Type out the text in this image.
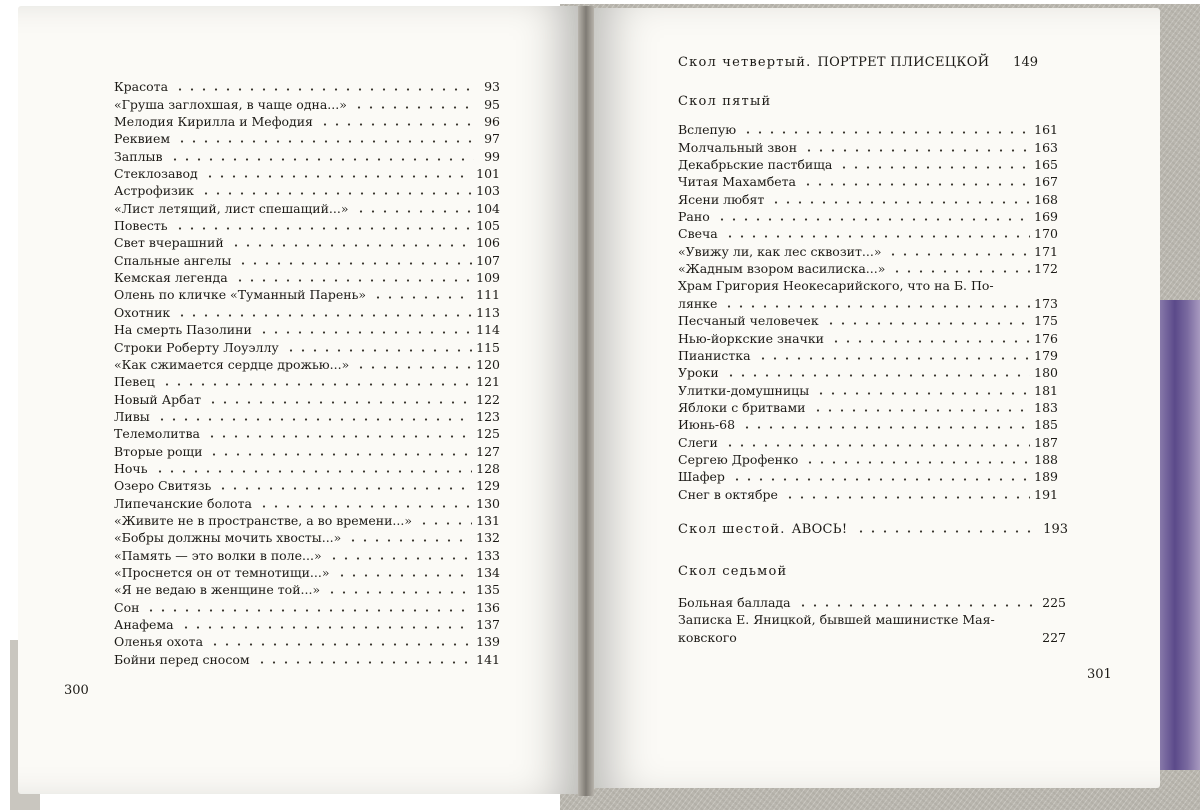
Красота	93
«Груша заглохшая, в чаще одна...»	95
Мелодия Кирилла и Мефодия	96
Реквием	97
Заплыв	99
Стеклозавод	101
Астрофизик	103
«Лист летящий, лист спешащий...»	104
Повесть	105
Свет вчерашний	106
Спальные ангелы	107
Кемская легенда	109
Олень по кличке «Туманный Парень»	111
Охотник	113
На смерть Пазолини	114
Строки Роберту Лоуэллу	115
«Как сжимается сердце дрожью...»	120
Певец	121
Новый Арбат	122
Ливы	123
Телемолитва	125
Вторые рощи	127
Ночь	128
Озеро Свитязь	129
Липечанские болота	130
«Живите не в пространстве, а во времени...»	131
«Бобры должны мочить хвосты...»	132
«Память — это волки в поле...»	133
«Проснется он от темнотищи...»	134
«Я не ведаю в женщине той...»	135
Сон	136
Анафема	137
Оленья охота	139
Бойни перед сносом	141
300
Скол четвертый. ПОРТРЕТ ПЛИСЕЦКОЙ 149
Скол пятый
Вслепую	161
Молчальный звон	163
Декабрьские пастбища	165
Читая Махамбета	167
Ясени любят	168
Рано	169
Свеча	170
«Увижу ли, как лес сквозит...»	171
«Жадным взором василиска...»	172
Храм Григория Неокесарийского, что на Б. По-
лянке	173
Песчаный человечек	175
Нью-йоркские значки	176
Пианистка	179
Уроки	180
Улитки-домушницы	181
Яблоки с бритвами	183
Июнь-68	185
Слеги	187
Сергею Дрофенко	188
Шафер	189
Снег в октябре	191
Скол шестой. АВОСЬ!	193
Скол седьмой
Больная баллада	225
Записка Е. Яницкой, бывшей машинистке Мая-
ковского	227
301
